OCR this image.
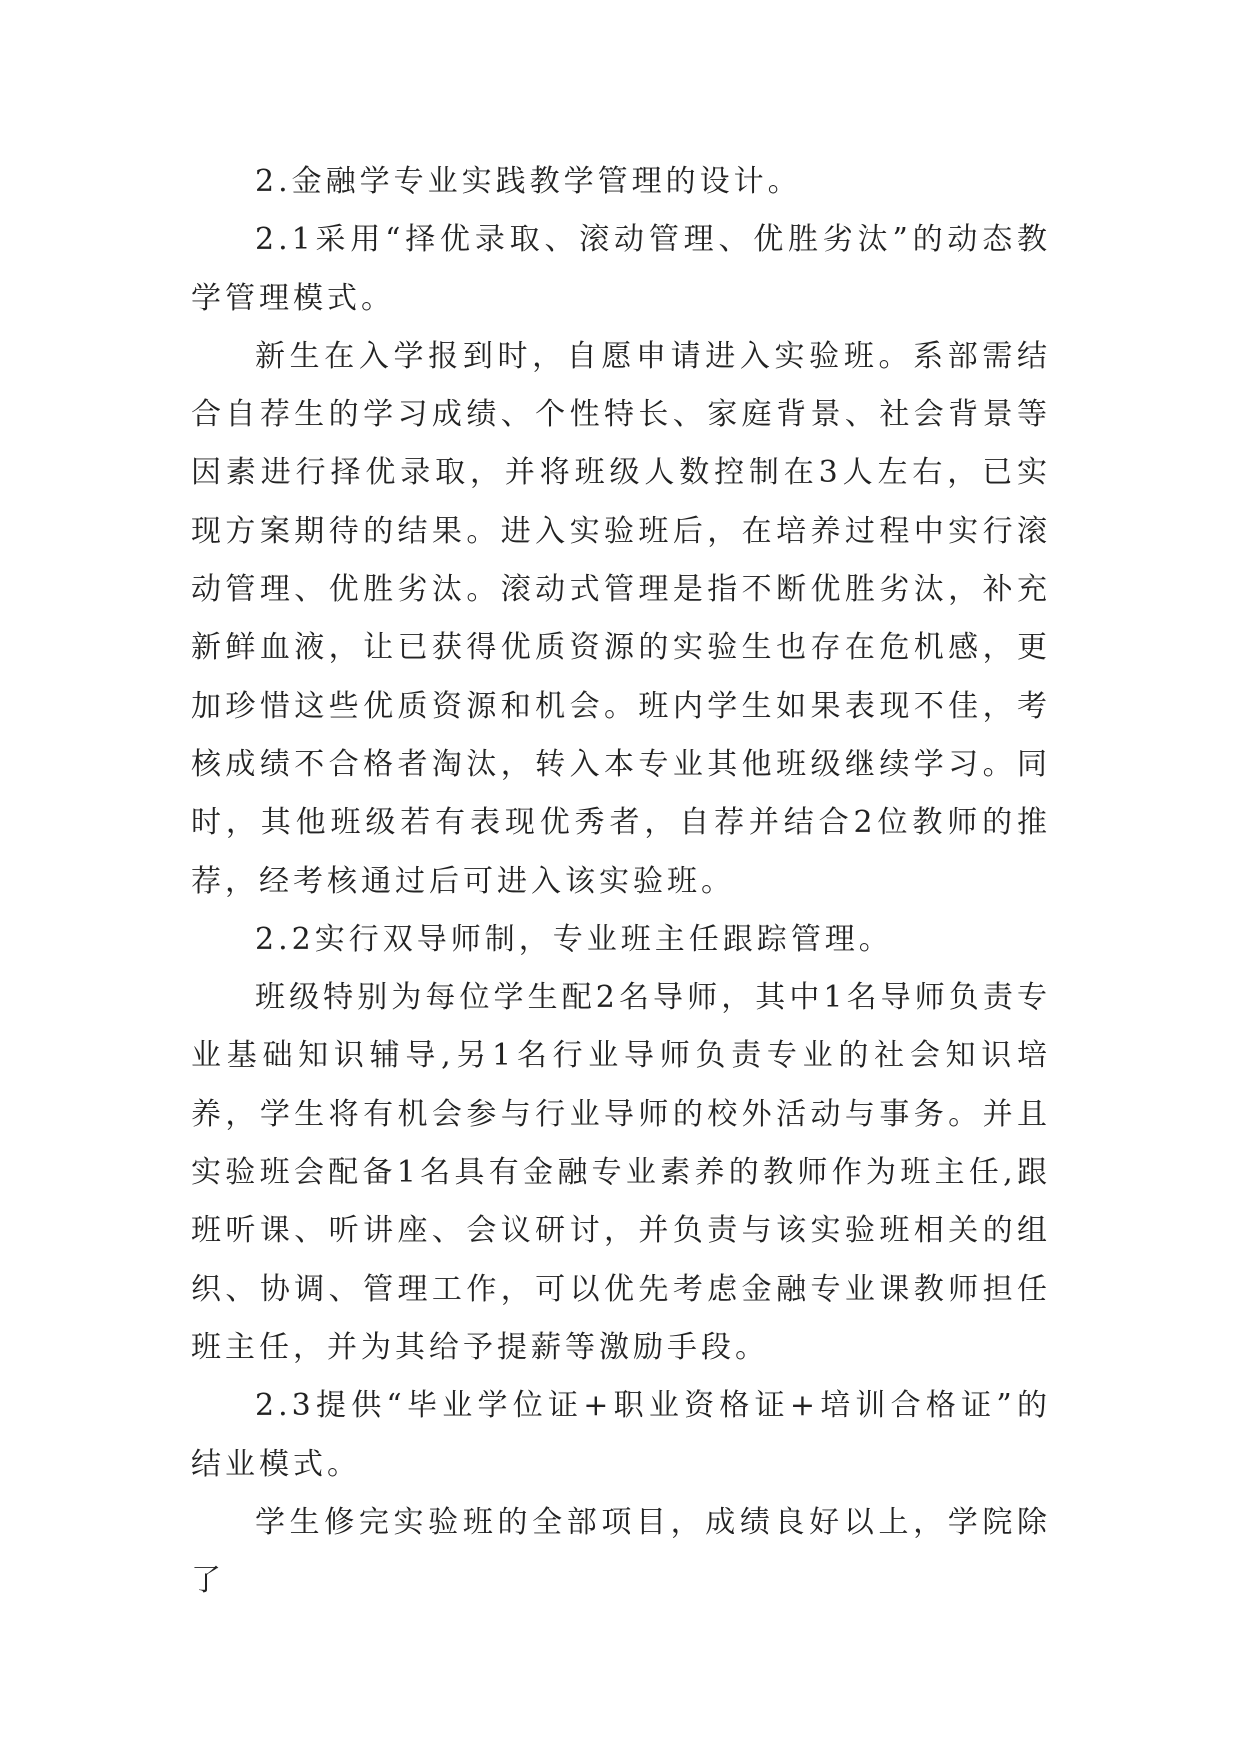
2.金融学专业实践教学管理的设计。

2.1采用“择优录取、滚动管理、优胜劣汰”的动态教学管理模式。

新生在入学报到时，自愿申请进入实验班。系部需结合自荐生的学习成绩、个性特长、家庭背景、社会背景等因素进行择优录取，并将班级人数控制在3人左右，已实现方案期待的结果。进入实验班后，在培养过程中实行滚动管理、优胜劣汰。滚动式管理是指不断优胜劣汰，补充新鲜血液，让已获得优质资源的实验生也存在危机感，更加珍惜这些优质资源和机会。班内学生如果表现不佳，考核成绩不合格者淘汰，转入本专业其他班级继续学习。同时，其他班级若有表现优秀者，自荐并结合2位教师的推荐，经考核通过后可进入该实验班。

2.2实行双导师制，专业班主任跟踪管理。

班级特别为每位学生配2名导师，其中1名导师负责专业基础知识辅导,另1名行业导师负责专业的社会知识培养，学生将有机会参与行业导师的校外活动与事务。并且实验班会配备1名具有金融专业素养的教师作为班主任,跟班听课、听讲座、会议研讨，并负责与该实验班相关的组织、协调、管理工作，可以优先考虑金融专业课教师担任班主任，并为其给予提薪等激励手段。

2.3提供“毕业学位证+职业资格证+培训合格证”的结业模式。

学生修完实验班的全部项目，成绩良好以上，学院除了
